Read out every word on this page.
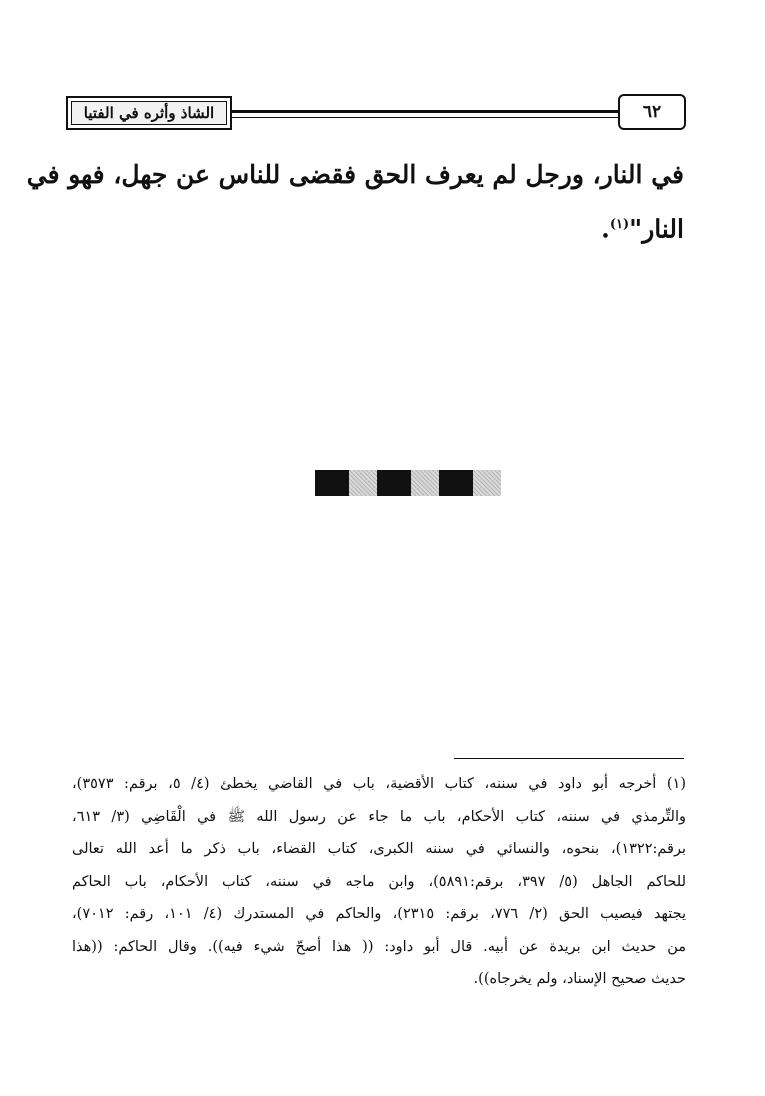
الشاذ وأثره في الفتيا	٦٢
في النار، ورجل لم يعرف الحق فقضى للناس عن جهل، فهو في
النار"$^{(١)}$.
(١) أخرجه أبو داود في سننه، كتاب الأقضية، باب في القاضي يخطئ (٤/ ٥، برقم: ٣٥٧٣)،
والتِّرمذي في سننه، كتاب الأحكام، باب ما جاء عن رسول الله ﷺ في الْقَاضِي (٣/ ٦١٣،
برقم:١٣٢٢)، بنحوه، والنسائي في سننه الكبرى، كتاب القضاء، باب ذكر ما أعد الله تعالى
للحاكم الجاهل (٥/ ٣٩٧، برقم:٥٨٩١)، وابن ماجه في سننه، كتاب الأحكام، باب الحاكم
يجتهد فيصيب الحق (٢/ ٧٧٦، برقم: ٢٣١٥)، والحاكم في المستدرك (٤/ ١٠١، رقم: ٧٠١٢)،
من حديث ابن بريدة عن أبيه. قال أبو داود: (( هذا أصحّ شيء فيه)). وقال الحاكم: ((هذا
حديث صحيح الإسناد، ولم يخرجاه)).
